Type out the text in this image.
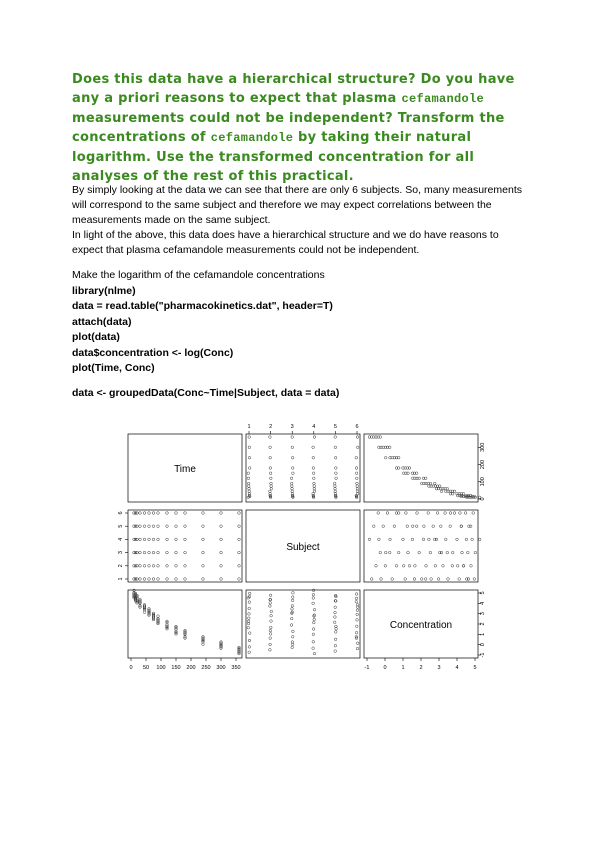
Does this data have a hierarchical structure? Do you have any a priori reasons to expect that plasma cefamandole measurements could not be independent? Transform the concentrations of cefamandole by taking their natural logarithm. Use the transformed concentration for all analyses of the rest of this practical.
By simply looking at the data we can see that there are only 6 subjects. So, many measurements will correspond to the same subject and therefore we may expect correlations between the measurements made on the same subject.
In light of the above, this data does have a hierarchical structure and we do have reasons to expect that plasma cefamandole measurements could not be independent.
Make the logarithm of the cefamandole concentrations
library(nlme)
data = read.table("pharmacokinetics.dat", header=T)
attach(data)
plot(data)
data$concentration <- log(Conc)
plot(Time, Conc)
data <- groupedData(Conc~Time|Subject, data = data)
Time
Subject
Concentration
0 50 100 150 200 250 300 350	-1	0	1	2	3	4	5
1	2	3	4	5	6
1
2
3
4
5
6
0
100
200
300
-1
0
1
2
3
4
5
